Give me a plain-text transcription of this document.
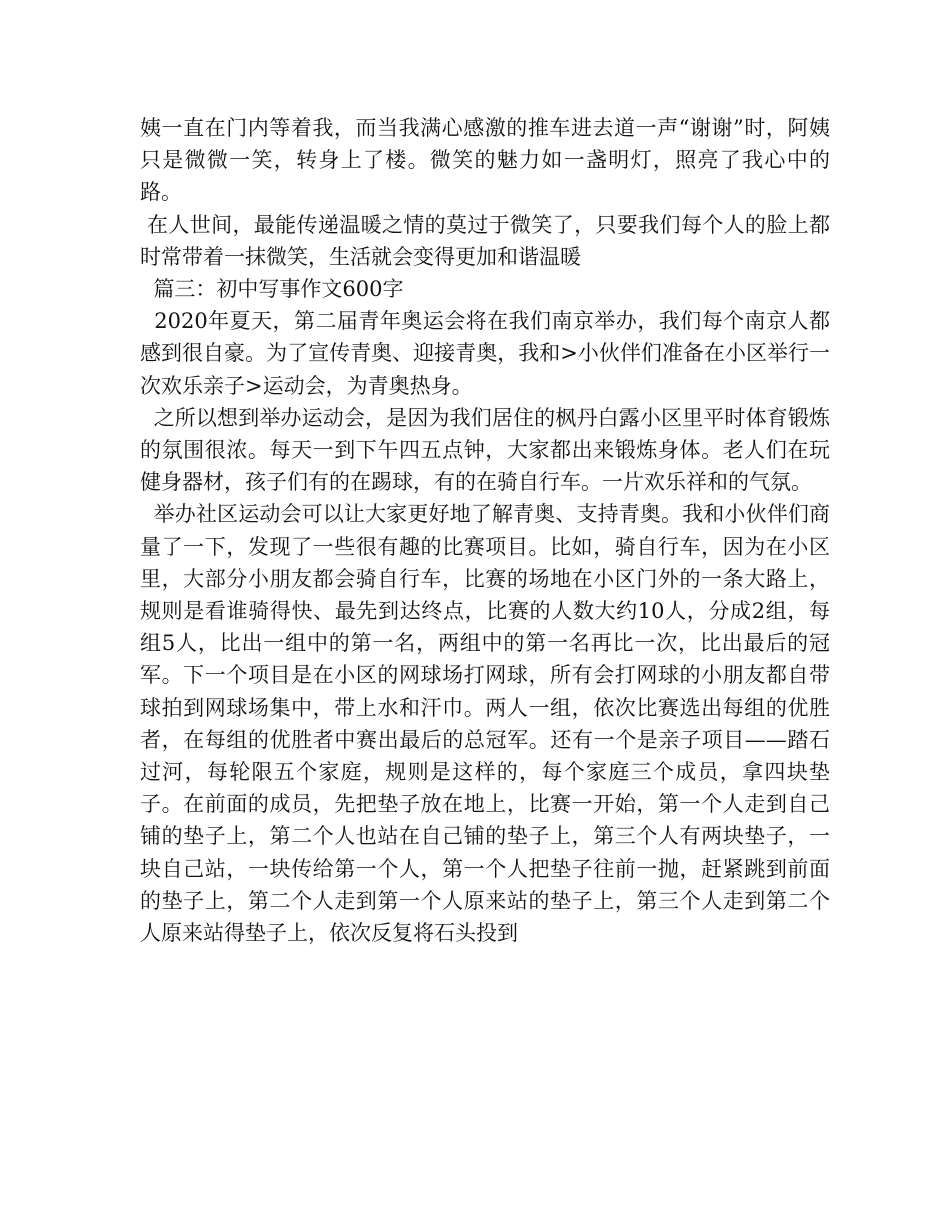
姨一直在门内等着我，而当我满心感激的推车进去道一声“谢谢”时，阿姨只是微微一笑，转身上了楼。微笑的魅力如一盏明灯，照亮了我心中的路。

在人世间，最能传递温暖之情的莫过于微笑了，只要我们每个人的脸上都时常带着一抹微笑，生活就会变得更加和谐温暖

篇三：初中写事作文600字

2020年夏天，第二届青年奥运会将在我们南京举办，我们每个南京人都感到很自豪。为了宣传青奥、迎接青奥，我和>小伙伴们准备在小区举行一次欢乐亲子>运动会，为青奥热身。

之所以想到举办运动会，是因为我们居住的枫丹白露小区里平时体育锻炼的氛围很浓。每天一到下午四五点钟，大家都出来锻炼身体。老人们在玩健身器材，孩子们有的在踢球，有的在骑自行车。一片欢乐祥和的气氛。

举办社区运动会可以让大家更好地了解青奥、支持青奥。我和小伙伴们商量了一下，发现了一些很有趣的比赛项目。比如，骑自行车，因为在小区里，大部分小朋友都会骑自行车，比赛的场地在小区门外的一条大路上，规则是看谁骑得快、最先到达终点，比赛的人数大约10人，分成2组，每组5人，比出一组中的第一名，两组中的第一名再比一次，比出最后的冠军。下一个项目是在小区的网球场打网球，所有会打网球的小朋友都自带球拍到网球场集中，带上水和汗巾。两人一组，依次比赛选出每组的优胜者，在每组的优胜者中赛出最后的总冠军。还有一个是亲子项目——踏石过河，每轮限五个家庭，规则是这样的，每个家庭三个成员，拿四块垫子。在前面的成员，先把垫子放在地上，比赛一开始，第一个人走到自己铺的垫子上，第二个人也站在自己铺的垫子上，第三个人有两块垫子，一块自己站，一块传给第一个人，第一个人把垫子往前一抛，赶紧跳到前面的垫子上，第二个人走到第一个人原来站的垫子上，第三个人走到第二个人原来站得垫子上，依次反复将石头投到
